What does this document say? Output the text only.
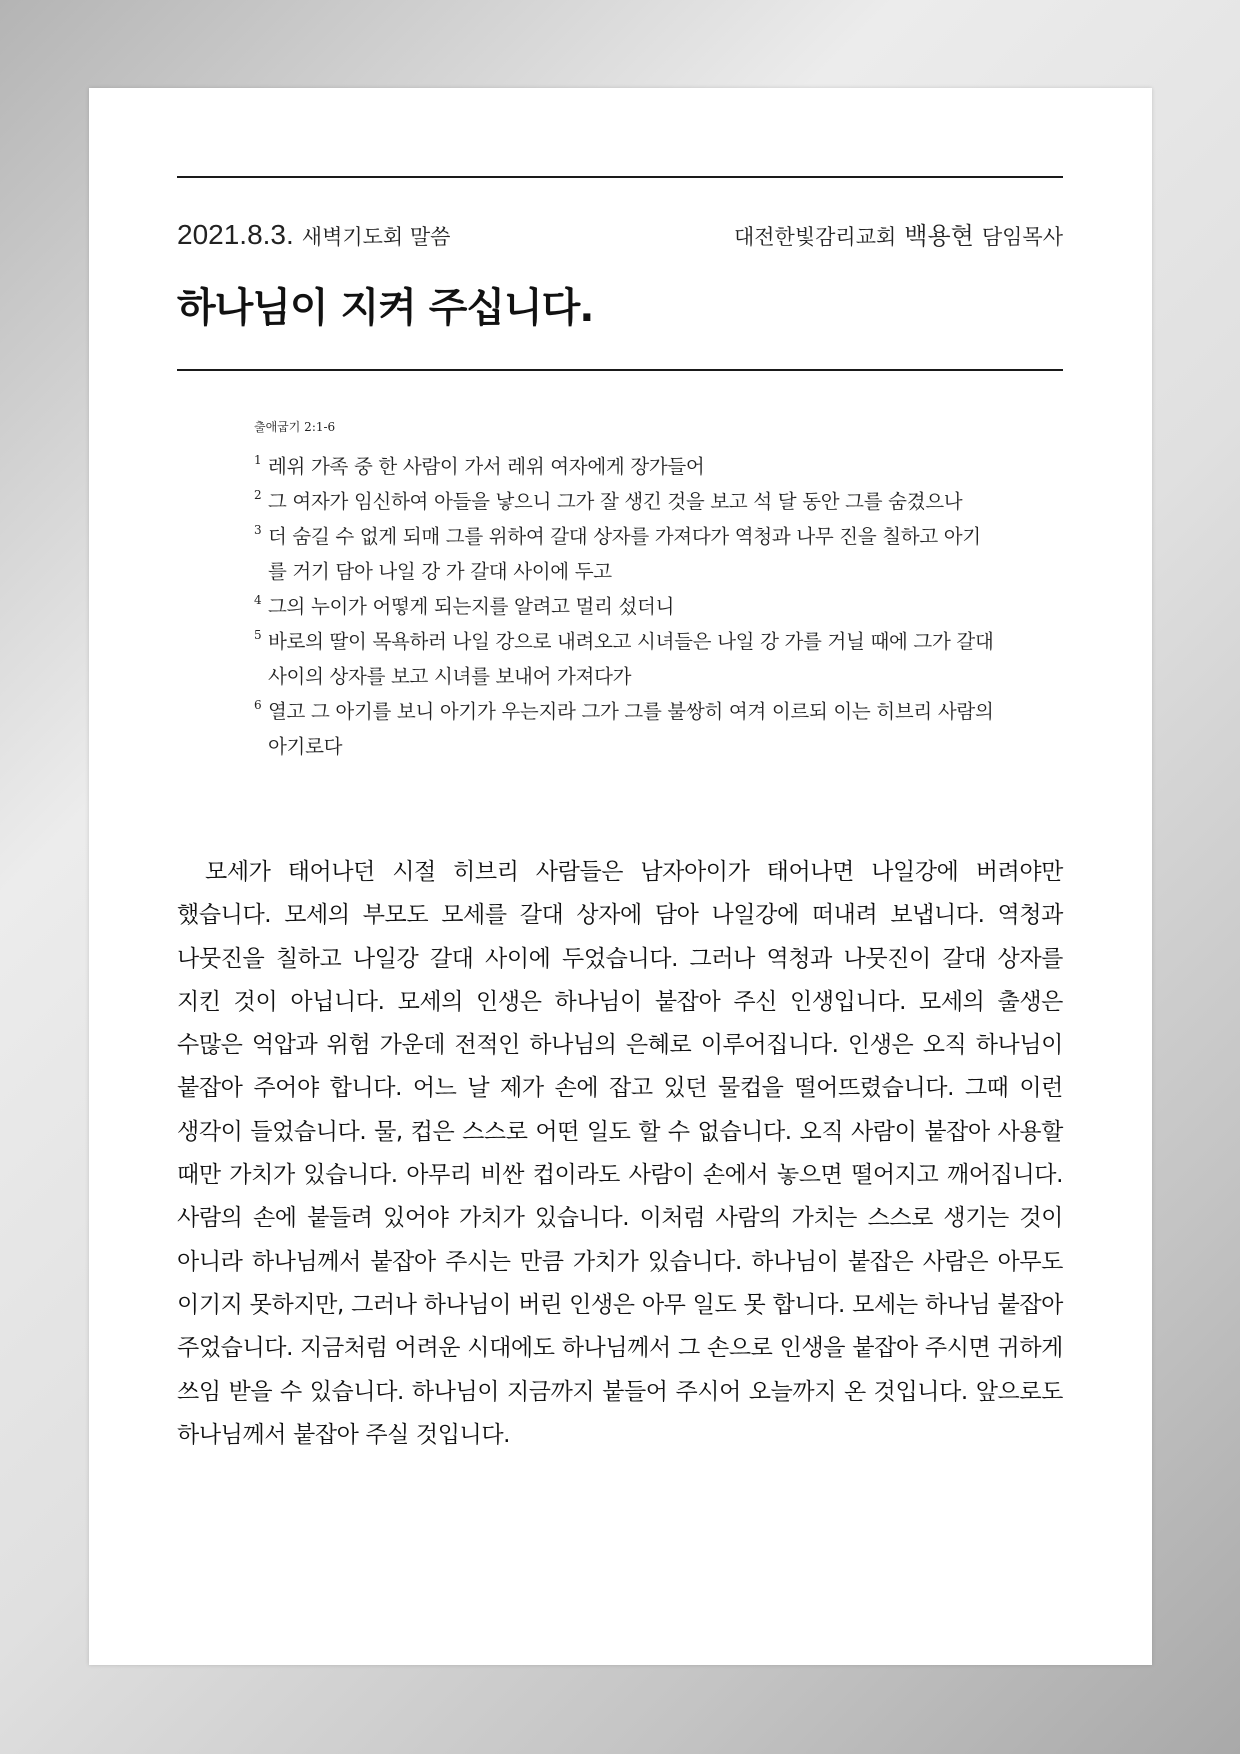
2021.8.3. 새벽기도회 말씀	대전한빛감리교회 백용현 담임목사
하나님이 지켜 주십니다.
출애굽기 2:1-6
1 레위 가족 중 한 사람이 가서 레위 여자에게 장가들어
2 그 여자가 임신하여 아들을 낳으니 그가 잘 생긴 것을 보고 석 달 동안 그를 숨겼으나
3 더 숨길 수 없게 되매 그를 위하여 갈대 상자를 가져다가 역청과 나무 진을 칠하고 아기를 거기 담아 나일 강 가 갈대 사이에 두고
4 그의 누이가 어떻게 되는지를 알려고 멀리 섰더니
5 바로의 딸이 목욕하러 나일 강으로 내려오고 시녀들은 나일 강 가를 거닐 때에 그가 갈대 사이의 상자를 보고 시녀를 보내어 가져다가
6 열고 그 아기를 보니 아기가 우는지라 그가 그를 불쌍히 여겨 이르되 이는 히브리 사람의 아기로다

모세가 태어나던 시절 히브리 사람들은 남자아이가 태어나면 나일강에 버려야만 했습니다. 모세의 부모도 모세를 갈대 상자에 담아 나일강에 떠내려 보냅니다. 역청과 나뭇진을 칠하고 나일강 갈대 사이에 두었습니다. 그러나 역청과 나뭇진이 갈대 상자를 지킨 것이 아닙니다. 모세의 인생은 하나님이 붙잡아 주신 인생입니다. 모세의 출생은 수많은 억압과 위험 가운데 전적인 하나님의 은혜로 이루어집니다. 인생은 오직 하나님이 붙잡아 주어야 합니다. 어느 날 제가 손에 잡고 있던 물컵을 떨어뜨렸습니다. 그때 이런 생각이 들었습니다. 물, 컵은 스스로 어떤 일도 할 수 없습니다. 오직 사람이 붙잡아 사용할 때만 가치가 있습니다. 아무리 비싼 컵이라도 사람이 손에서 놓으면 떨어지고 깨어집니다. 사람의 손에 붙들려 있어야 가치가 있습니다. 이처럼 사람의 가치는 스스로 생기는 것이 아니라 하나님께서 붙잡아 주시는 만큼 가치가 있습니다. 하나님이 붙잡은 사람은 아무도 이기지 못하지만, 그러나 하나님이 버린 인생은 아무 일도 못 합니다. 모세는 하나님 붙잡아 주었습니다. 지금처럼 어려운 시대에도 하나님께서 그 손으로 인생을 붙잡아 주시면 귀하게 쓰임 받을 수 있습니다. 하나님이 지금까지 붙들어 주시어 오늘까지 온 것입니다. 앞으로도 하나님께서 붙잡아 주실 것입니다.
